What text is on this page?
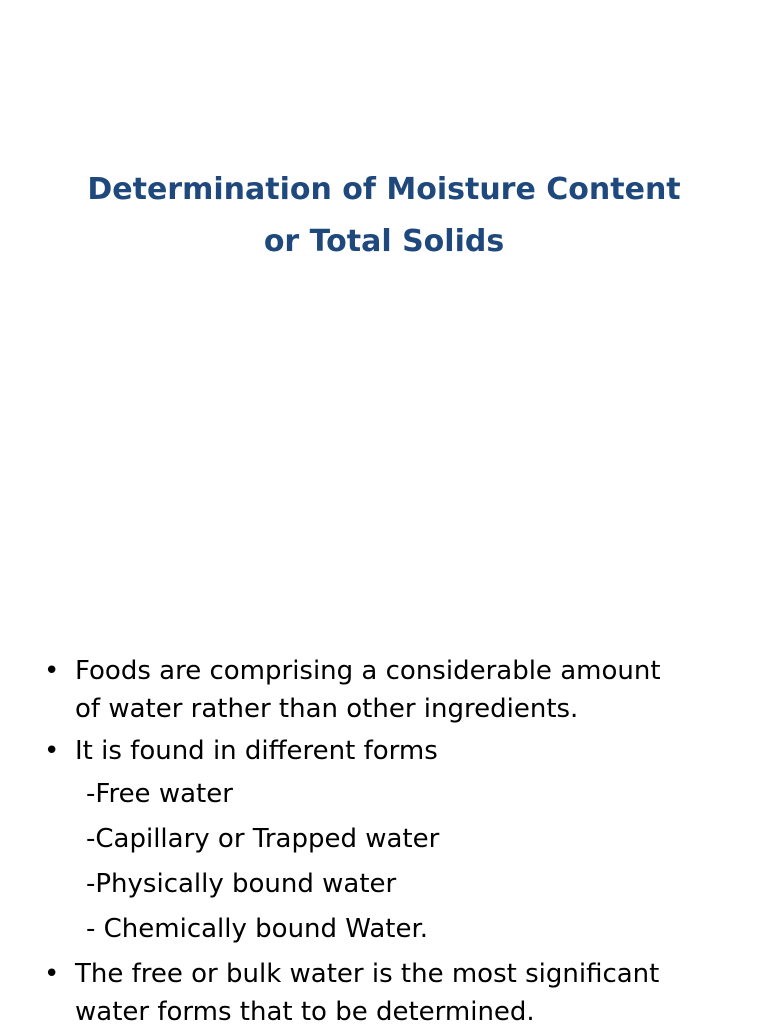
Determination of Moisture Content
or Total Solids
• Foods are comprising a considerable amount
of water rather than other ingredients.
• It is found in different forms
-Free water
-Capillary or Trapped water
-Physically bound water
- Chemically bound Water.
• The free or bulk water is the most significant
water forms that to be determined.
